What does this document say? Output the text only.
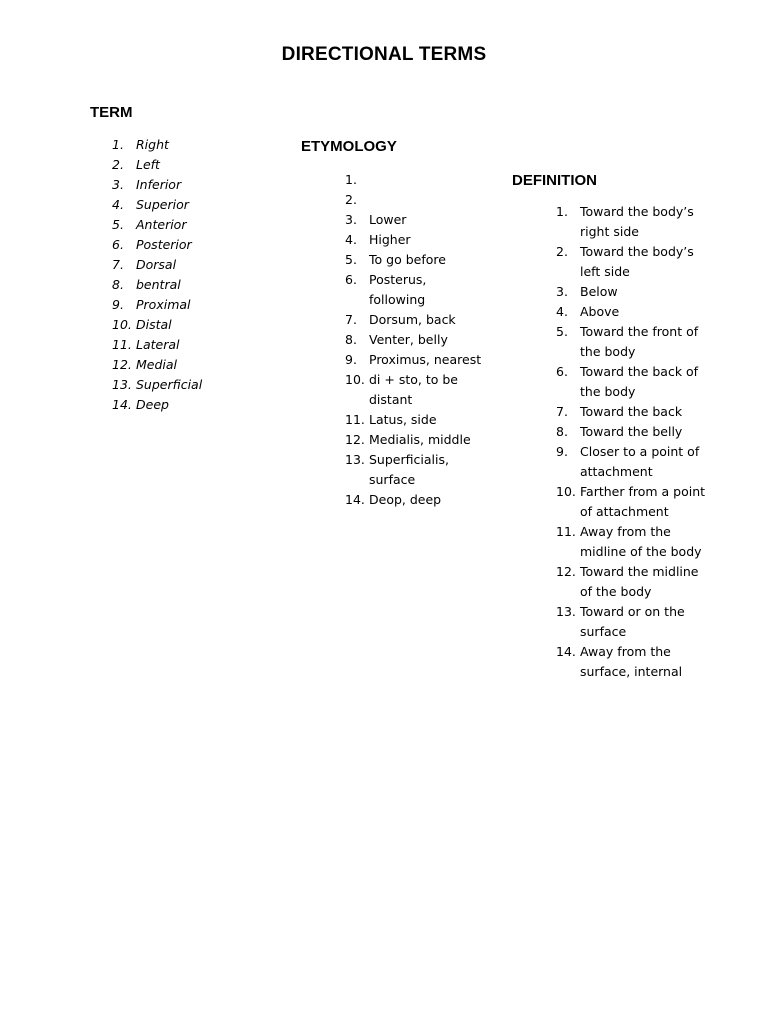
DIRECTIONAL TERMS
TERM
1. Right
2. Left
3. Inferior
4. Superior
5. Anterior
6. Posterior
7. Dorsal
8. bentral
9. Proximal
10. Distal
11. Lateral
12. Medial
13. Superficial
14. Deep
ETYMOLOGY
1.
2.
3. Lower
4. Higher
5. To go before
6. Posterus, following
7. Dorsum, back
8. Venter, belly
9. Proximus, nearest
10. di + sto, to be distant
11. Latus, side
12. Medialis, middle
13. Superficialis, surface
14. Deop, deep
DEFINITION
1. Toward the body’s right side
2. Toward the body’s left side
3. Below
4. Above
5. Toward the front of the body
6. Toward the back of the body
7. Toward the back
8. Toward the belly
9. Closer to a point of attachment
10. Farther from a point of attachment
11. Away from the midline of the body
12. Toward the midline of the body
13. Toward or on the surface
14. Away from the surface, internal
